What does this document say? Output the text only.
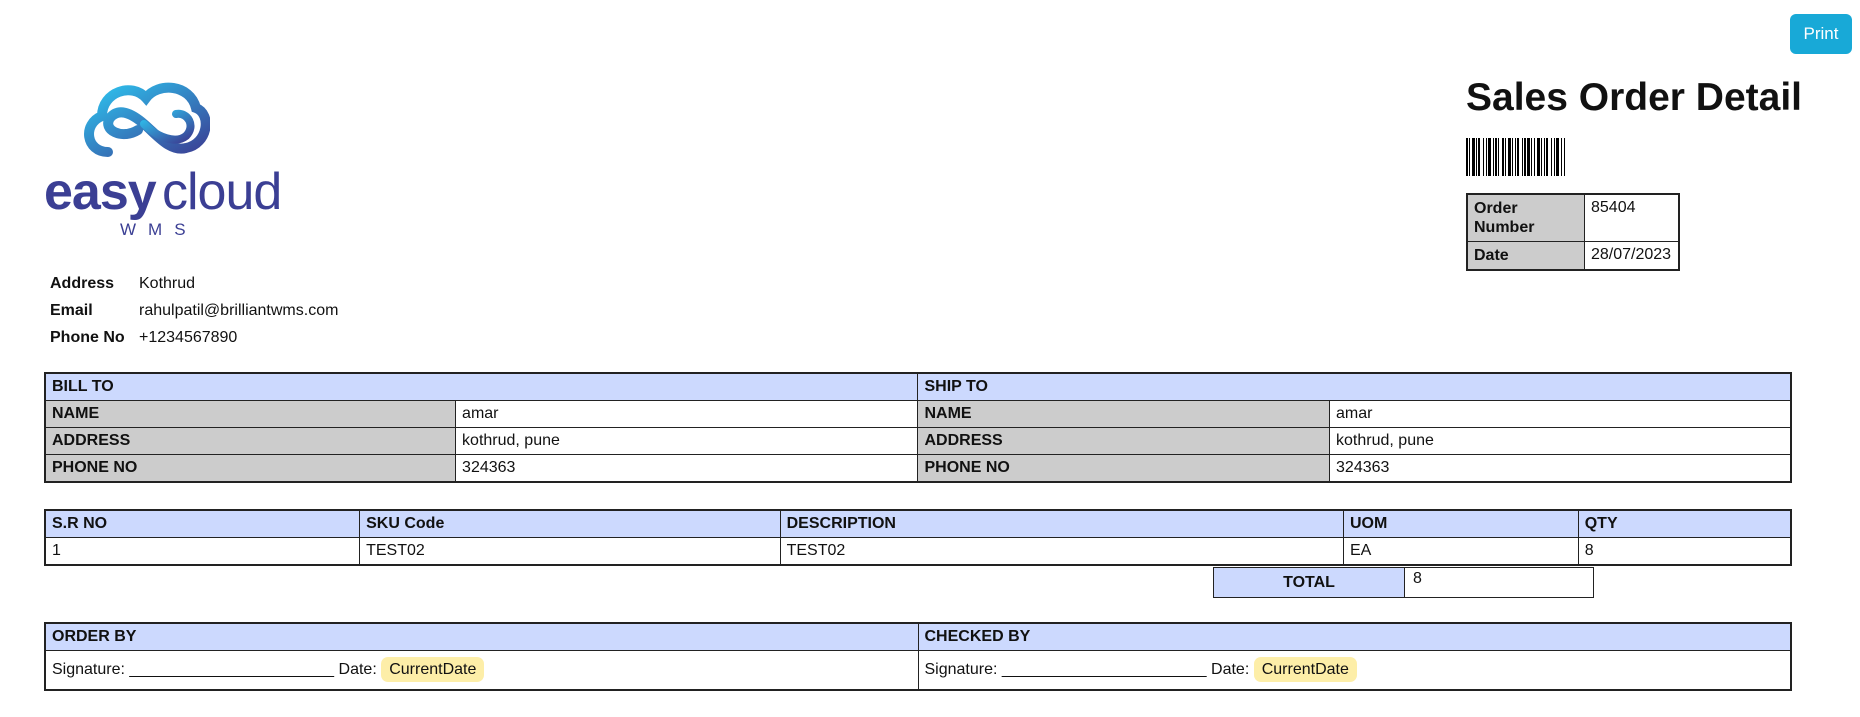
Print
easy cloud
WMS
Address	Kothrud
Email	rahulpatil@brilliantwms.com
Phone No	+1234567890
Sales Order Detail
Order Number	85404
Date	28/07/2023
BILL TO		SHIP TO	
NAME	amar	NAME	amar
ADDRESS	kothrud, pune	ADDRESS	kothrud, pune
PHONE NO	324363	PHONE NO	324363
S.R NO	SKU Code	DESCRIPTION	UOM	QTY
1	TEST02	TEST02	EA	8
TOTAL	8
ORDER BY	CHECKED BY
Signature: _______________________ Date: CurrentDate	Signature: _______________________ Date: CurrentDate
